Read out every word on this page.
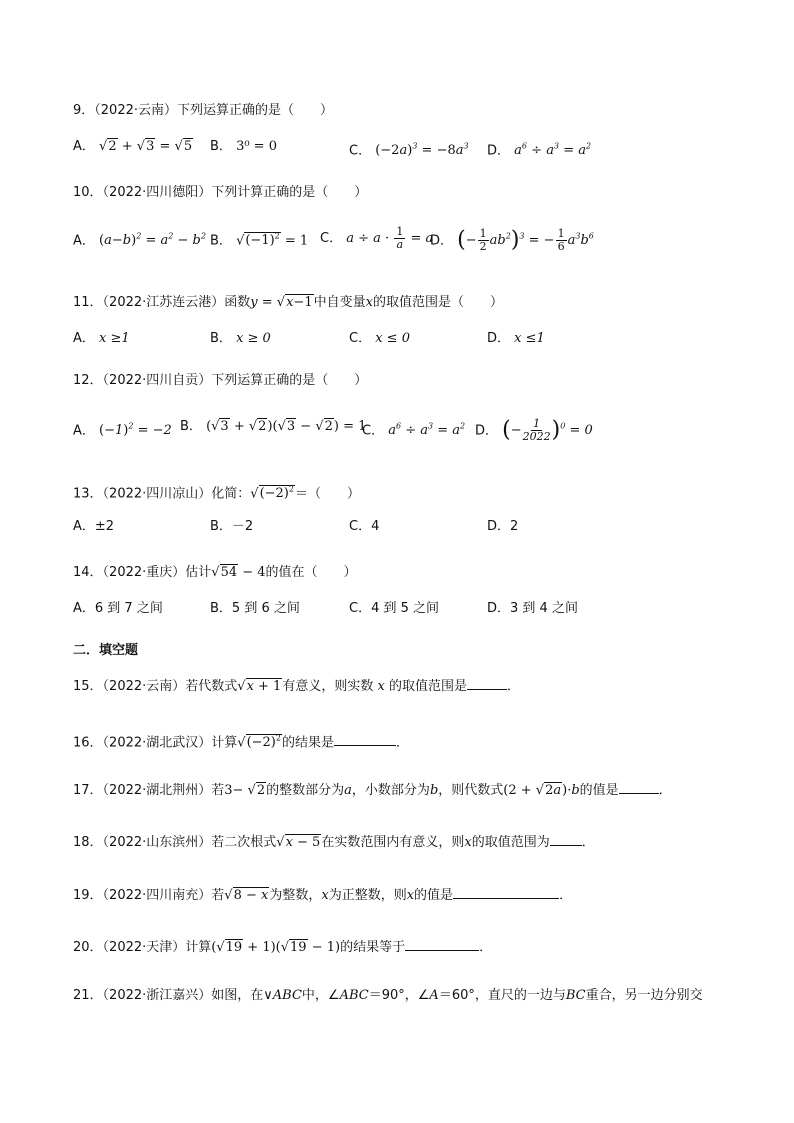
9．（2022·云南）下列运算正确的是（　　）
A． √2 + √3 = √5 B． 3⁰ = 0	C． $(-2a)^3 = -8a^3$ D． $a^6 \div a^3 = a^2$
10．（2022·四川德阳）下列计算正确的是（　　）
A． $(a-b)^2 = a^2 - b^2$ B． $√(-1)^2 = 1$ C． $a \div a \cdot \frac{1}{a} = a$
D． (− $\frac{1}{2} ab^2)^3$ = − $\frac{1}{6} a^3b^6$
11．（2022·江苏连云港）函数y = √x−1中自变量x的取值范围是（　　）
A． x ≥1	B． x ≥ 0	C． x ≤ 0	D． x ≤1
12．（2022·四川自贡）下列运算正确的是（　　）
A． $(-1)^2 = -2$ B． (√3 + √2)(√3 − √2) = 1
C． $a^6 \div a^3 = a^2$ D． (− $\frac{1}{2022} )^0 = 0$
13．（2022·四川凉山）化简：$√(-2)^2=$（　　）
A．±2	B．－2	C．4	D．2
14．（2022·重庆）估计√54 − 4的值在（　　）
A．6 到 7 之间	B．5 到 6 之间	C．4 到 5 之间	D．3 到 4 之间
二．填空题
15．（2022·云南）若代数式√x + 1有意义，则实数 x 的取值范围是	．
16．（2022·湖北武汉）计算$√(-2)^2$的结果是	．
17．（2022·湖北荆州）若3− √2的整数部分为a，小数部分为b，则代数式(2 + √2a)·b的值是	．
18．（2022·山东滨州）若二次根式√x − 5在实数范围内有意义，则x的取值范围为 ．
19．（2022·四川南充）若√8 − x为整数，x为正整数，则x的值是	．
20．（2022·天津）计算(√19 + 1)(√19 − 1)的结果等于	．
21．（2022·浙江嘉兴）如图，在∨ABC中，∠ABC＝90°，∠A＝60°，直尺的一边与BC重合，另一边分别交
